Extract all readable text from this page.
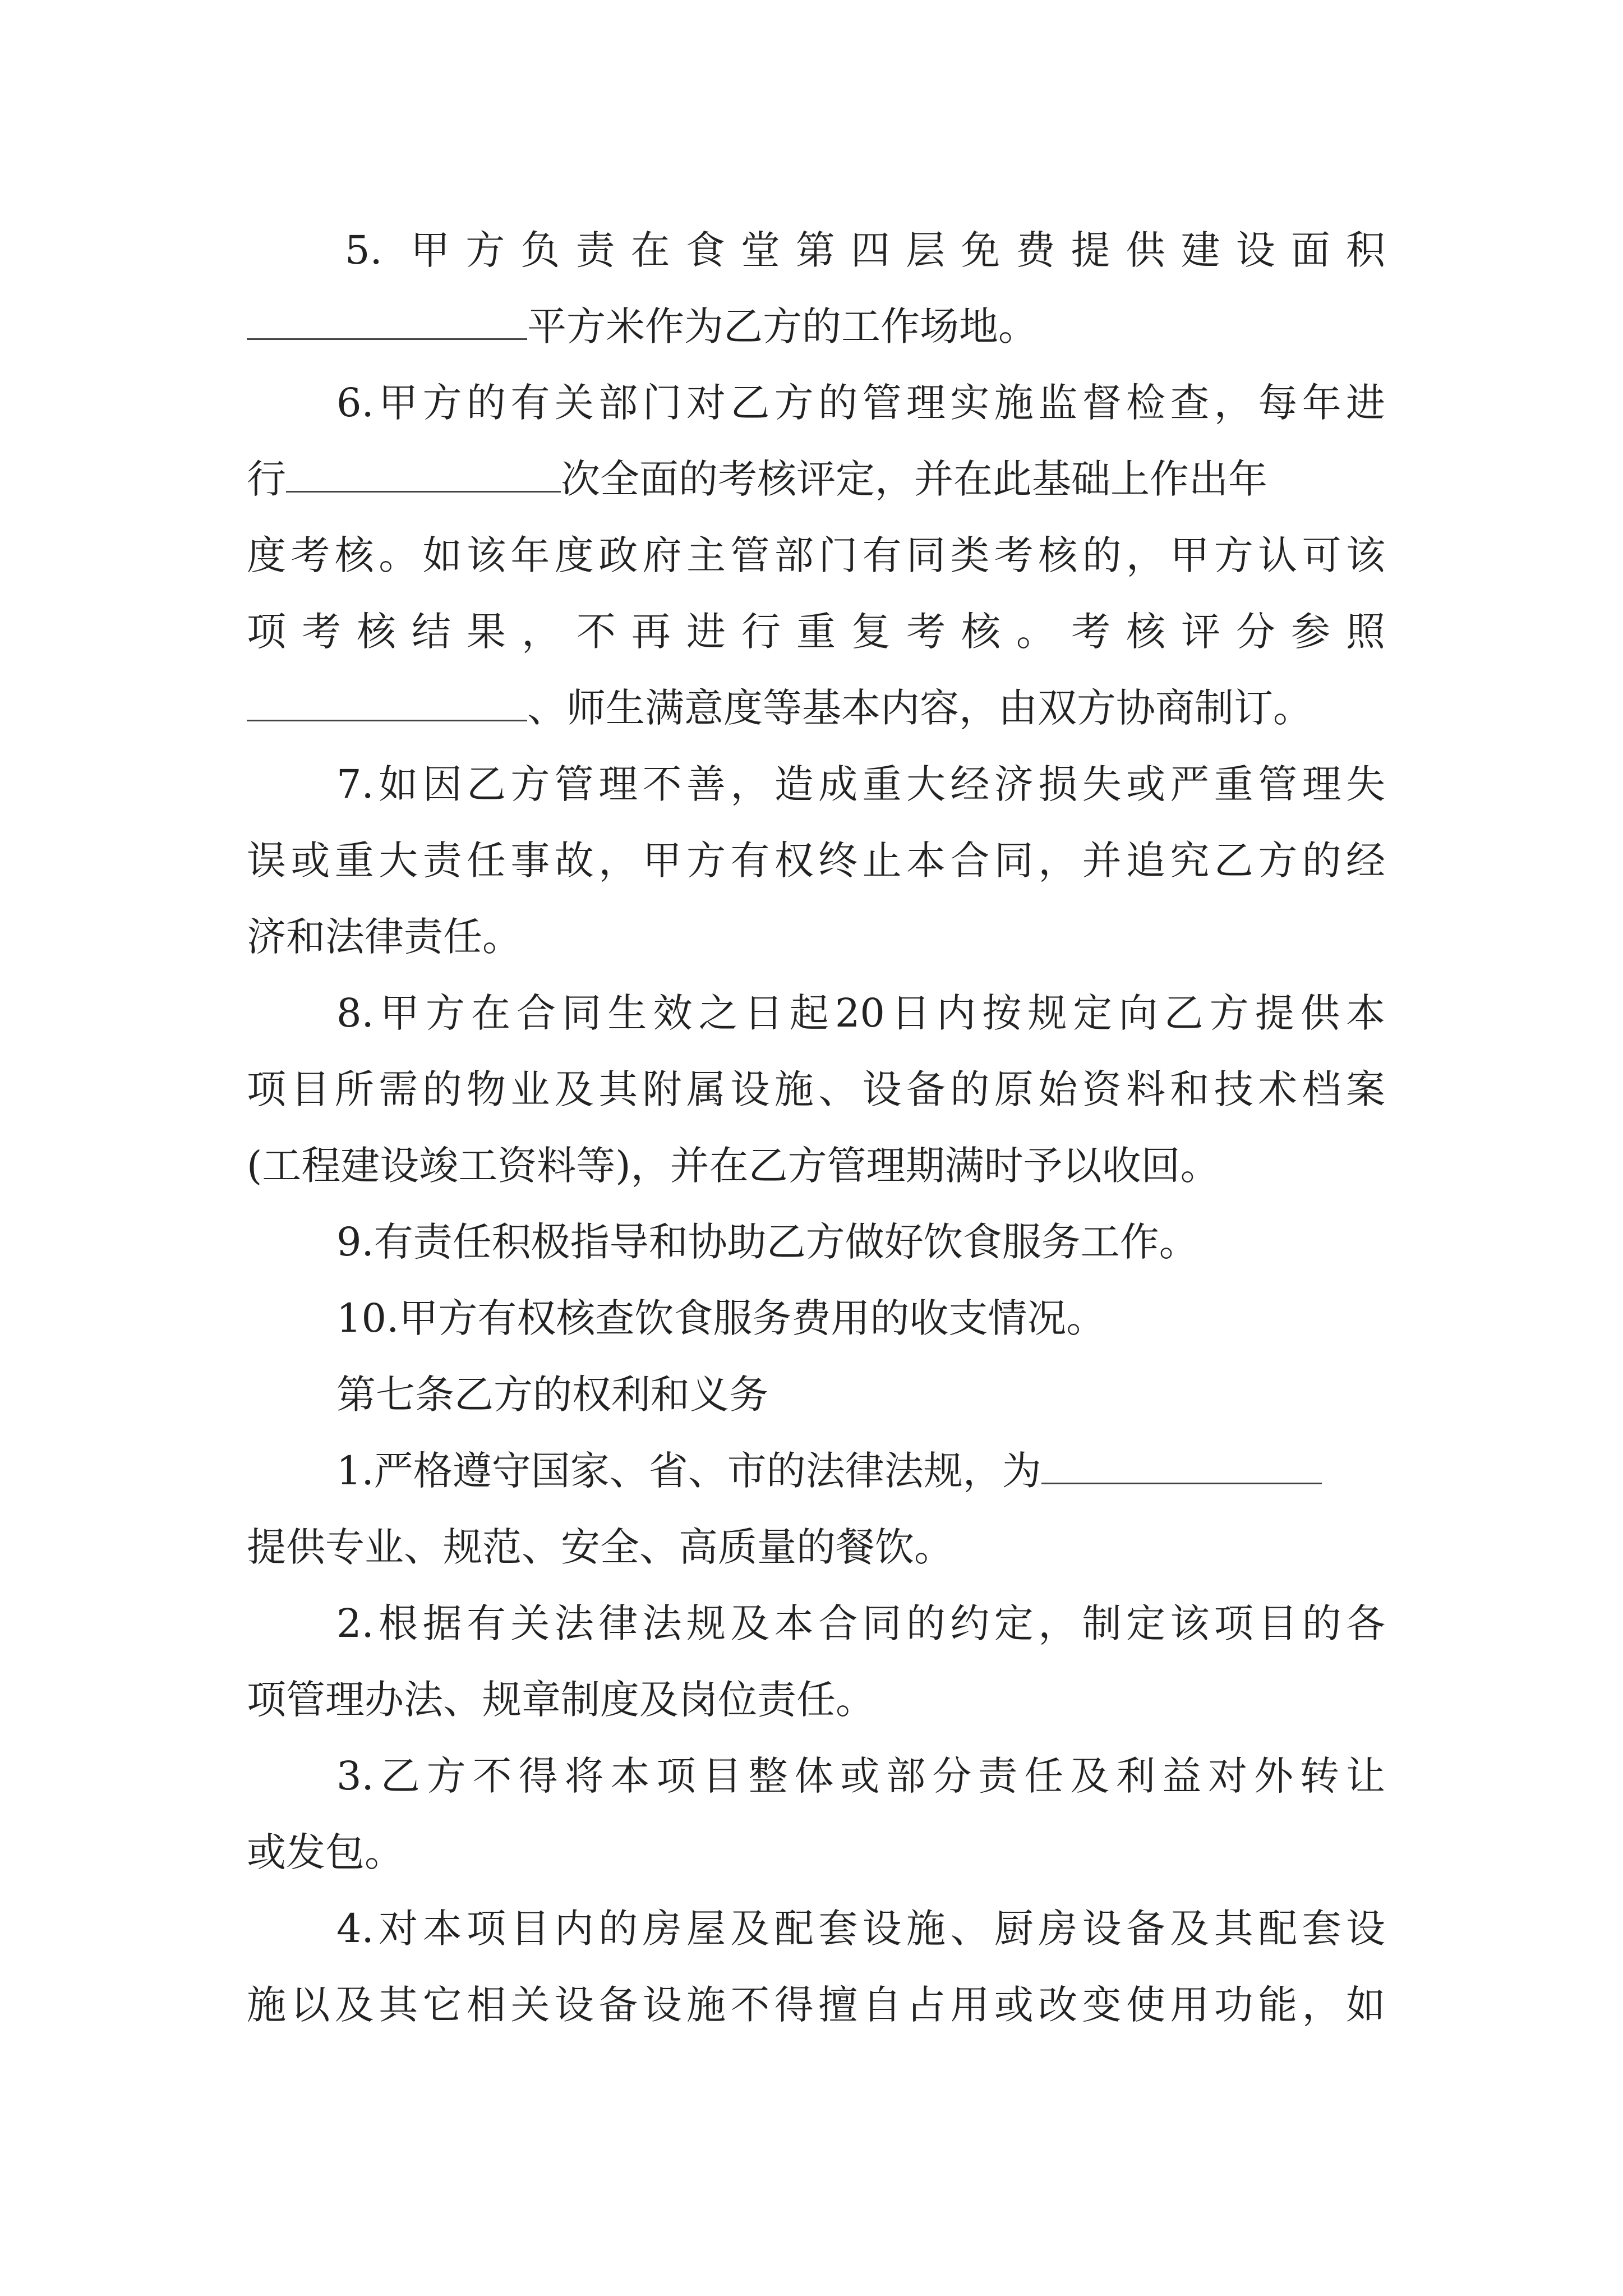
5. 甲方负责在食堂第四层免费提供建设面积
平方米作为乙方的工作场地。
6.甲方的有关部门对乙方的管理实施监督检查，每年进
行	次全面的考核评定，并在此基础上作出年
度考核。如该年度政府主管部门有同类考核的，甲方认可该
项考核结果，不再进行重复考核。考核评分参照
、师生满意度等基本内容，由双方协商制订。
7.如因乙方管理不善，造成重大经济损失或严重管理失
误或重大责任事故，甲方有权终止本合同，并追究乙方的经
济和法律责任。
8.甲方在合同生效之日起20日内按规定向乙方提供本
项目所需的物业及其附属设施、设备的原始资料和技术档案
(工程建设竣工资料等)，并在乙方管理期满时予以收回。
9.有责任积极指导和协助乙方做好饮食服务工作。
10.甲方有权核查饮食服务费用的收支情况。
第七条乙方的权利和义务
1.严格遵守国家、省、市的法律法规，为
提供专业、规范、安全、高质量的餐饮。
2.根据有关法律法规及本合同的约定，制定该项目的各
项管理办法、规章制度及岗位责任。
3.乙方不得将本项目整体或部分责任及利益对外转让
或发包。
4.对本项目内的房屋及配套设施、厨房设备及其配套设
施以及其它相关设备设施不得擅自占用或改变使用功能，如
